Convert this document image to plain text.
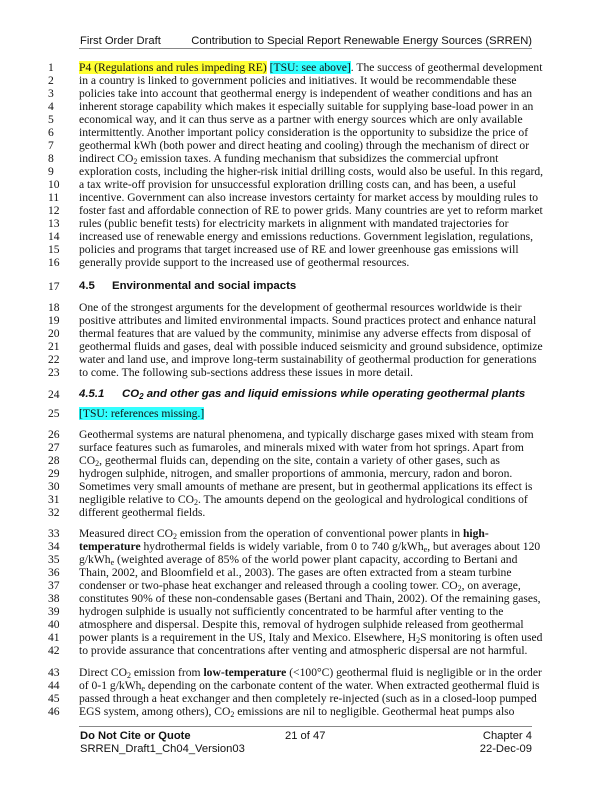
First Order Draft	Contribution to Special Report Renewable Energy Sources (SRREN)
1
2
3
4
5
6
7
8
9
10
11
12
13
14
15
16
17
18
19
20
21
22
23
24
25
26
27
28
29
30
31
32
33
34
35
36
37
38
39
40
41
42
43
44
45
46
P4 (Regulations and rules impeding RE) [TSU: see above]. The success of geothermal development
in a country is linked to government policies and initiatives. It would be recommendable these
policies take into account that geothermal energy is independent of weather conditions and has an
inherent storage capability which makes it especially suitable for supplying base-load power in an
economical way, and it can thus serve as a partner with energy sources which are only available
intermittently. Another important policy consideration is the opportunity to subsidize the price of
geothermal kWh (both power and direct heating and cooling) through the mechanism of direct or
indirect $CO_2$ emission taxes. A funding mechanism that subsidizes the commercial upfront
exploration costs, including the higher-risk initial drilling costs, would also be useful. In this regard,
a tax write-off provision for unsuccessful exploration drilling costs can, and has been, a useful
incentive. Government can also increase investors certainty for market access by moulding rules to
foster fast and affordable connection of RE to power grids. Many countries are yet to reform market
rules (public benefit tests) for electricity markets in alignment with mandated trajectories for
increased use of renewable energy and emissions reductions. Government legislation, regulations,
policies and programs that target increased use of RE and lower greenhouse gas emissions will
generally provide support to the increased use of geothermal resources.
4.5 Environmental and social impacts
One of the strongest arguments for the development of geothermal resources worldwide is their
positive attributes and limited environmental impacts. Sound practices protect and enhance natural
thermal features that are valued by the community, minimise any adverse effects from disposal of
geothermal fluids and gases, deal with possible induced seismicity and ground subsidence, optimize
water and land use, and improve long-term sustainability of geothermal production for generations
to come. The following sub-sections address these issues in more detail.
4.5.1 $CO_2$ and other gas and liquid emissions while operating geothermal plants
[TSU: references missing.]
Geothermal systems are natural phenomena, and typically discharge gases mixed with steam from
surface features such as fumaroles, and minerals mixed with water from hot springs. Apart from
$CO_2$, geothermal fluids can, depending on the site, contain a variety of other gases, such as
hydrogen sulphide, nitrogen, and smaller proportions of ammonia, mercury, radon and boron.
Sometimes very small amounts of methane are present, but in geothermal applications its effect is
negligible relative to $CO_2$. The amounts depend on the geological and hydrological conditions of
different geothermal fields.
Measured direct $CO_2$ emission from the operation of conventional power plants in high-
temperature hydrothermal fields is widely variable, from 0 to 740 g/kWh$_e$, but averages about 120
g/kWh$_e$ (weighted average of 85% of the world power plant capacity, according to Bertani and
Thain, 2002, and Bloomfield et al., 2003). The gases are often extracted from a steam turbine
condenser or two-phase heat exchanger and released through a cooling tower. $CO_2$, on average,
constitutes 90% of these non-condensable gases (Bertani and Thain, 2002). Of the remaining gases,
hydrogen sulphide is usually not sufficiently concentrated to be harmful after venting to the
atmosphere and dispersal. Despite this, removal of hydrogen sulphide released from geothermal
power plants is a requirement in the US, Italy and Mexico. Elsewhere, $H_2S$ monitoring is often used
to provide assurance that concentrations after venting and atmospheric dispersal are not harmful.
Direct $CO_2$ emission from low-temperature (<100°C) geothermal fluid is negligible or in the order
of 0-1 g/kWh$_e$ depending on the carbonate content of the water. When extracted geothermal fluid is
passed through a heat exchanger and then completely re-injected (such as in a closed-loop pumped
EGS system, among others), $CO_2$ emissions are nil to negligible. Geothermal heat pumps also
Do Not Cite or Quote
SRREN_Draft1_Ch04_Version03
21 of 47	Chapter 4
22-Dec-09
